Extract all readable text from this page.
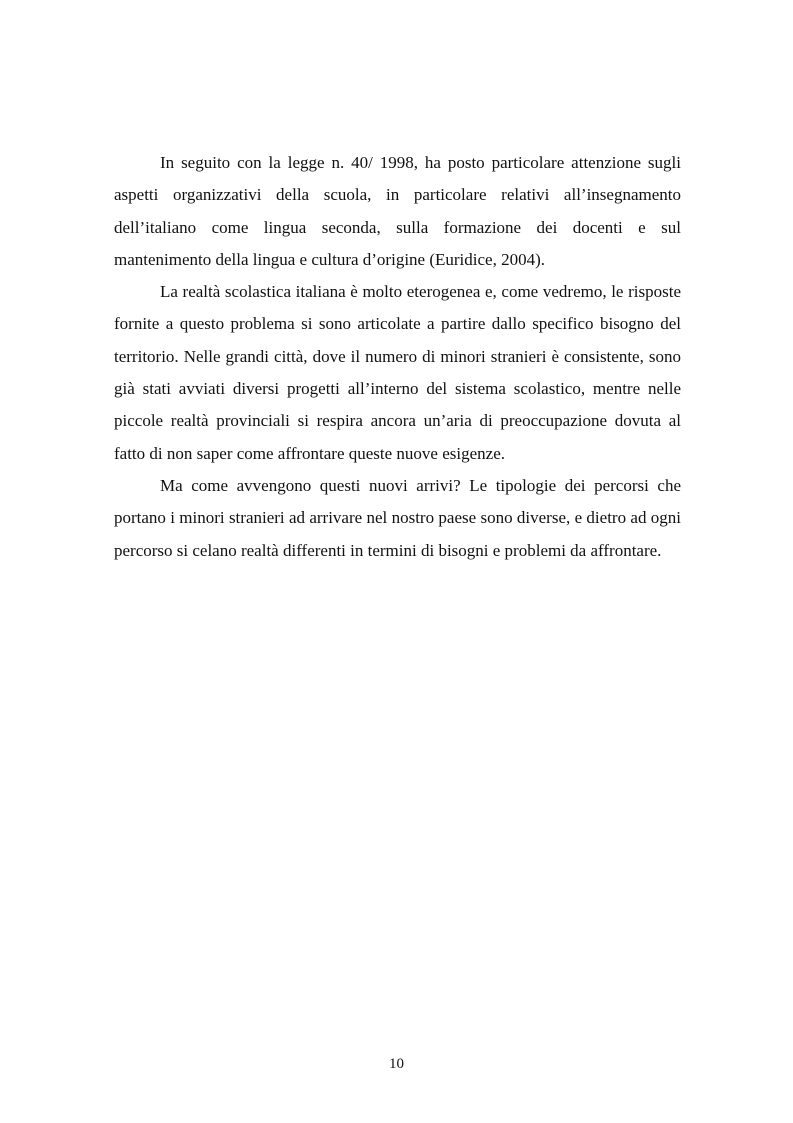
In seguito con la legge n. 40/ 1998, ha posto particolare attenzione sugli aspetti organizzativi della scuola, in particolare relativi all’insegnamento dell’italiano come lingua seconda, sulla formazione dei docenti e sul mantenimento della lingua e cultura d’origine (Euridice, 2004).

La realtà scolastica italiana è molto eterogenea e, come vedremo, le risposte fornite a questo problema si sono articolate a partire dallo specifico bisogno del territorio. Nelle grandi città, dove il numero di minori stranieri è consistente, sono già stati avviati diversi progetti all’interno del sistema scolastico, mentre nelle piccole realtà provinciali si respira ancora un’aria di preoccupazione dovuta al fatto di non saper come affrontare queste nuove esigenze.

Ma come avvengono questi nuovi arrivi? Le tipologie dei percorsi che portano i minori stranieri ad arrivare nel nostro paese sono diverse, e dietro ad ogni percorso si celano realtà differenti in termini di bisogni e problemi da affrontare.

10
